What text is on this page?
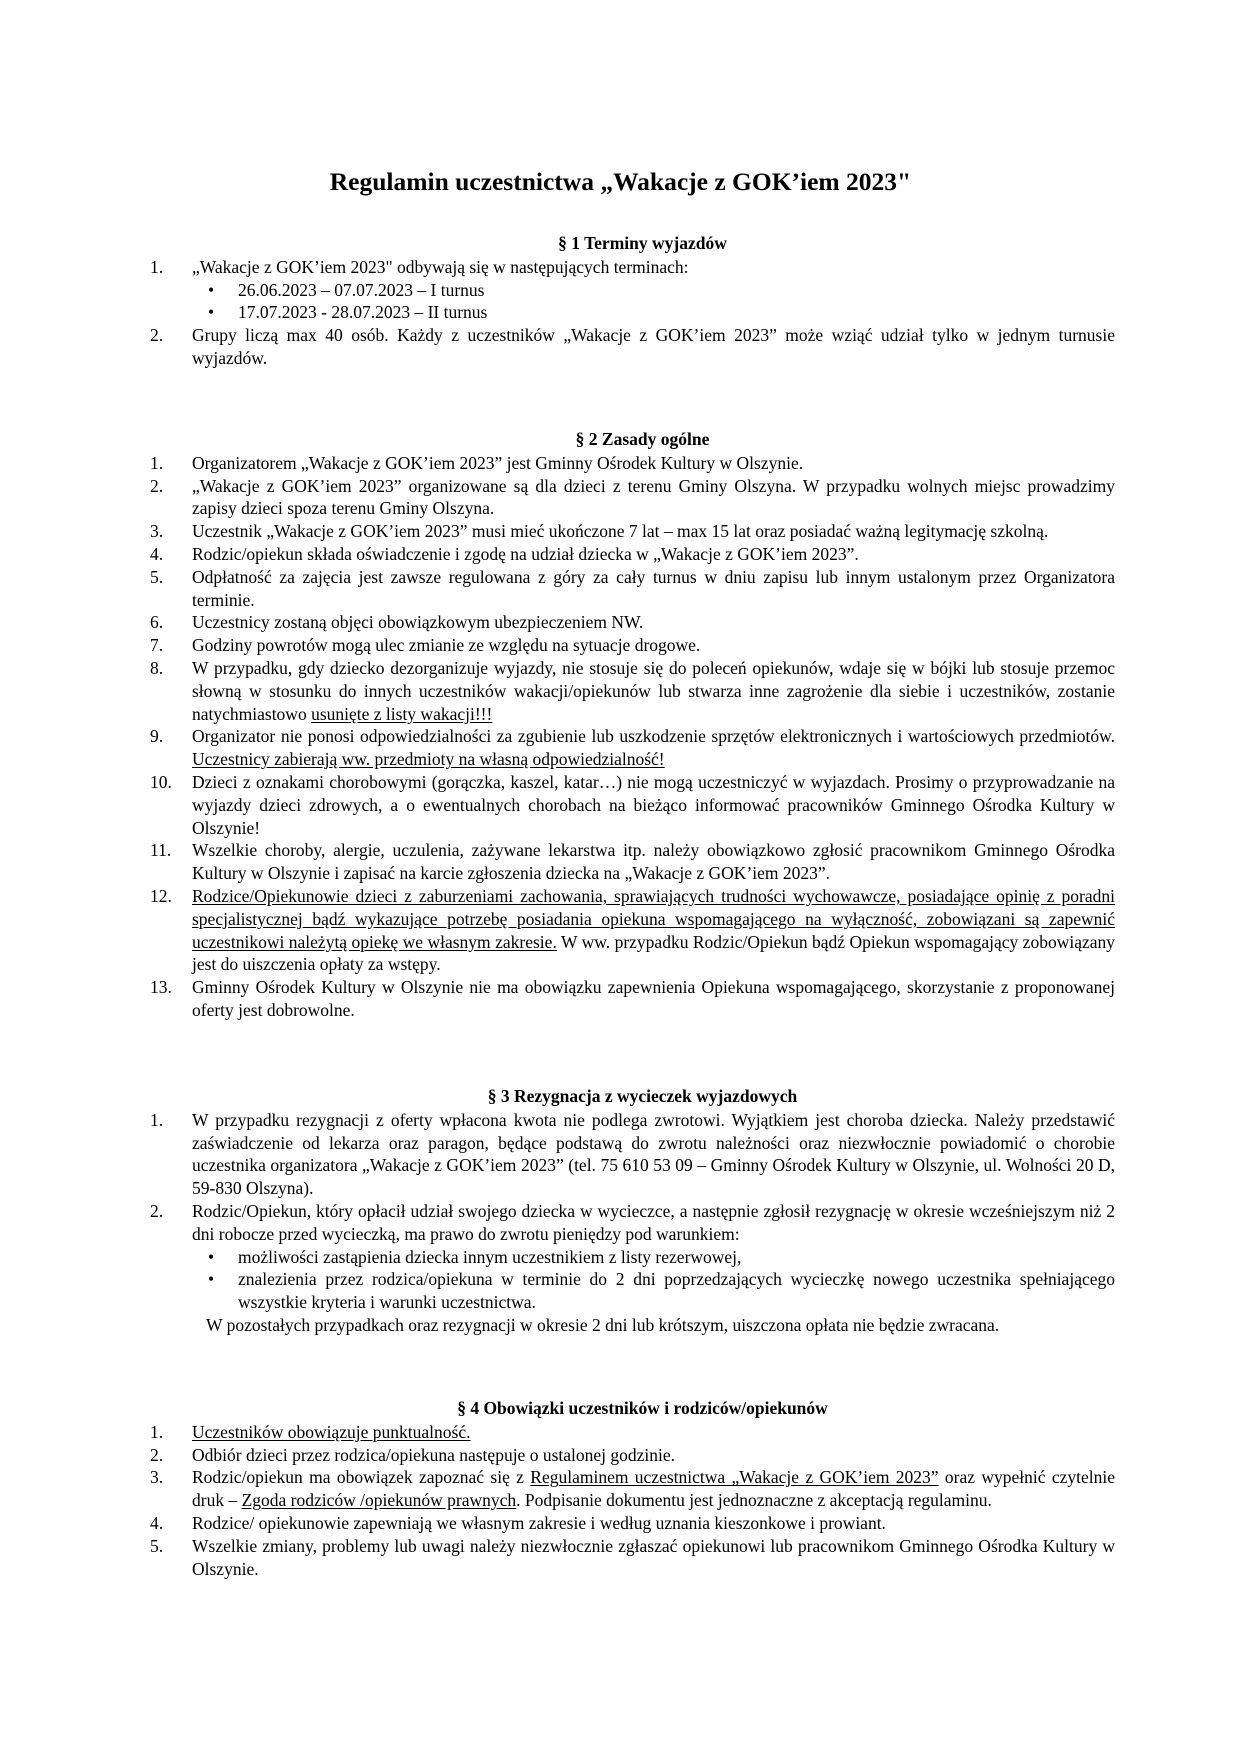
Regulamin uczestnictwa „Wakacje z GOK’iem 2023"
§ 1 Terminy wyjazdów
1.	„Wakacje z GOK’iem 2023" odbywają się w następujących terminach:
• 26.06.2023 – 07.07.2023 – I turnus
• 17.07.2023 - 28.07.2023 – II turnus
2.	Grupy liczą max 40 osób. Każdy z uczestników „Wakacje z GOK’iem 2023” może wziąć udział tylko w jednym turnusie wyjazdów.
§ 2 Zasady ogólne
1.	Organizatorem „Wakacje z GOK’iem 2023” jest Gminny Ośrodek Kultury w Olszynie.
2.	„Wakacje z GOK’iem 2023” organizowane są dla dzieci z terenu Gminy Olszyna. W przypadku wolnych miejsc prowadzimy zapisy dzieci spoza terenu Gminy Olszyna.
3.	Uczestnik „Wakacje z GOK’iem 2023” musi mieć ukończone 7 lat – max 15 lat oraz posiadać ważną legitymację szkolną.
4.	Rodzic/opiekun składa oświadczenie i zgodę na udział dziecka w „Wakacje z GOK’iem 2023”.
5.	Odpłatność za zajęcia jest zawsze regulowana z góry za cały turnus w dniu zapisu lub innym ustalonym przez Organizatora terminie.
6.	Uczestnicy zostaną objęci obowiązkowym ubezpieczeniem NW.
7.	Godziny powrotów mogą ulec zmianie ze względu na sytuacje drogowe.
8.	W przypadku, gdy dziecko dezorganizuje wyjazdy, nie stosuje się do poleceń opiekunów, wdaje się w bójki lub stosuje przemoc słowną w stosunku do innych uczestników wakacji/opiekunów lub stwarza inne zagrożenie dla siebie i uczestników, zostanie natychmiastowo usunięte z listy wakacji!!!
9.	Organizator nie ponosi odpowiedzialności za zgubienie lub uszkodzenie sprzętów elektronicznych i wartościowych przedmiotów. Uczestnicy zabierają ww. przedmioty na własną odpowiedzialność!
10. Dzieci z oznakami chorobowymi (gorączka, kaszel, katar…) nie mogą uczestniczyć w wyjazdach. Prosimy o przyprowadzanie na wyjazdy dzieci zdrowych, a o ewentualnych chorobach na bieżąco informować pracowników Gminnego Ośrodka Kultury w Olszynie!
11. Wszelkie choroby, alergie, uczulenia, zażywane lekarstwa itp. należy obowiązkowo zgłosić pracownikom Gminnego Ośrodka Kultury w Olszynie i zapisać na karcie zgłoszenia dziecka na „Wakacje z GOK’iem 2023”.
12. Rodzice/Opiekunowie dzieci z zaburzeniami zachowania, sprawiających trudności wychowawcze, posiadające opinię z poradni specjalistycznej bądź wykazujące potrzebę posiadania opiekuna wspomagającego na wyłączność, zobowiązani są zapewnić uczestnikowi należytą opiekę we własnym zakresie. W ww. przypadku Rodzic/Opiekun bądź Opiekun wspomagający zobowiązany jest do uiszczenia opłaty za wstępy.
13. Gminny Ośrodek Kultury w Olszynie nie ma obowiązku zapewnienia Opiekuna wspomagającego, skorzystanie z proponowanej oferty jest dobrowolne.
§ 3 Rezygnacja z wycieczek wyjazdowych
1.	W przypadku rezygnacji z oferty wpłacona kwota nie podlega zwrotowi. Wyjątkiem jest choroba dziecka. Należy przedstawić zaświadczenie od lekarza oraz paragon, będące podstawą do zwrotu należności oraz niezwłocznie powiadomić o chorobie uczestnika organizatora „Wakacje z GOK’iem 2023” (tel. 75 610 53 09 – Gminny Ośrodek Kultury w Olszynie, ul. Wolności 20 D, 59-830 Olszyna).
2.	Rodzic/Opiekun, który opłacił udział swojego dziecka w wycieczce, a następnie zgłosił rezygnację w okresie wcześniejszym niż 2 dni robocze przed wycieczką, ma prawo do zwrotu pieniędzy pod warunkiem:
• możliwości zastąpienia dziecka innym uczestnikiem z listy rezerwowej,
• znalezienia przez rodzica/opiekuna w terminie do 2 dni poprzedzających wycieczkę nowego uczestnika spełniającego wszystkie kryteria i warunki uczestnictwa.
W pozostałych przypadkach oraz rezygnacji w okresie 2 dni lub krótszym, uiszczona opłata nie będzie zwracana.
§ 4 Obowiązki uczestników i rodziców/opiekunów
1.	Uczestników obowiązuje punktualność.
2.	Odbiór dzieci przez rodzica/opiekuna następuje o ustalonej godzinie.
3.	Rodzic/opiekun ma obowiązek zapoznać się z Regulaminem uczestnictwa „Wakacje z GOK’iem 2023” oraz wypełnić czytelnie druk – Zgoda rodziców /opiekunów prawnych. Podpisanie dokumentu jest jednoznaczne z akceptacją regulaminu.
4.	Rodzice/ opiekunowie zapewniają we własnym zakresie i według uznania kieszonkowe i prowiant.
5.	Wszelkie zmiany, problemy lub uwagi należy niezwłocznie zgłaszać opiekunowi lub pracownikom Gminnego Ośrodka Kultury w Olszynie.
